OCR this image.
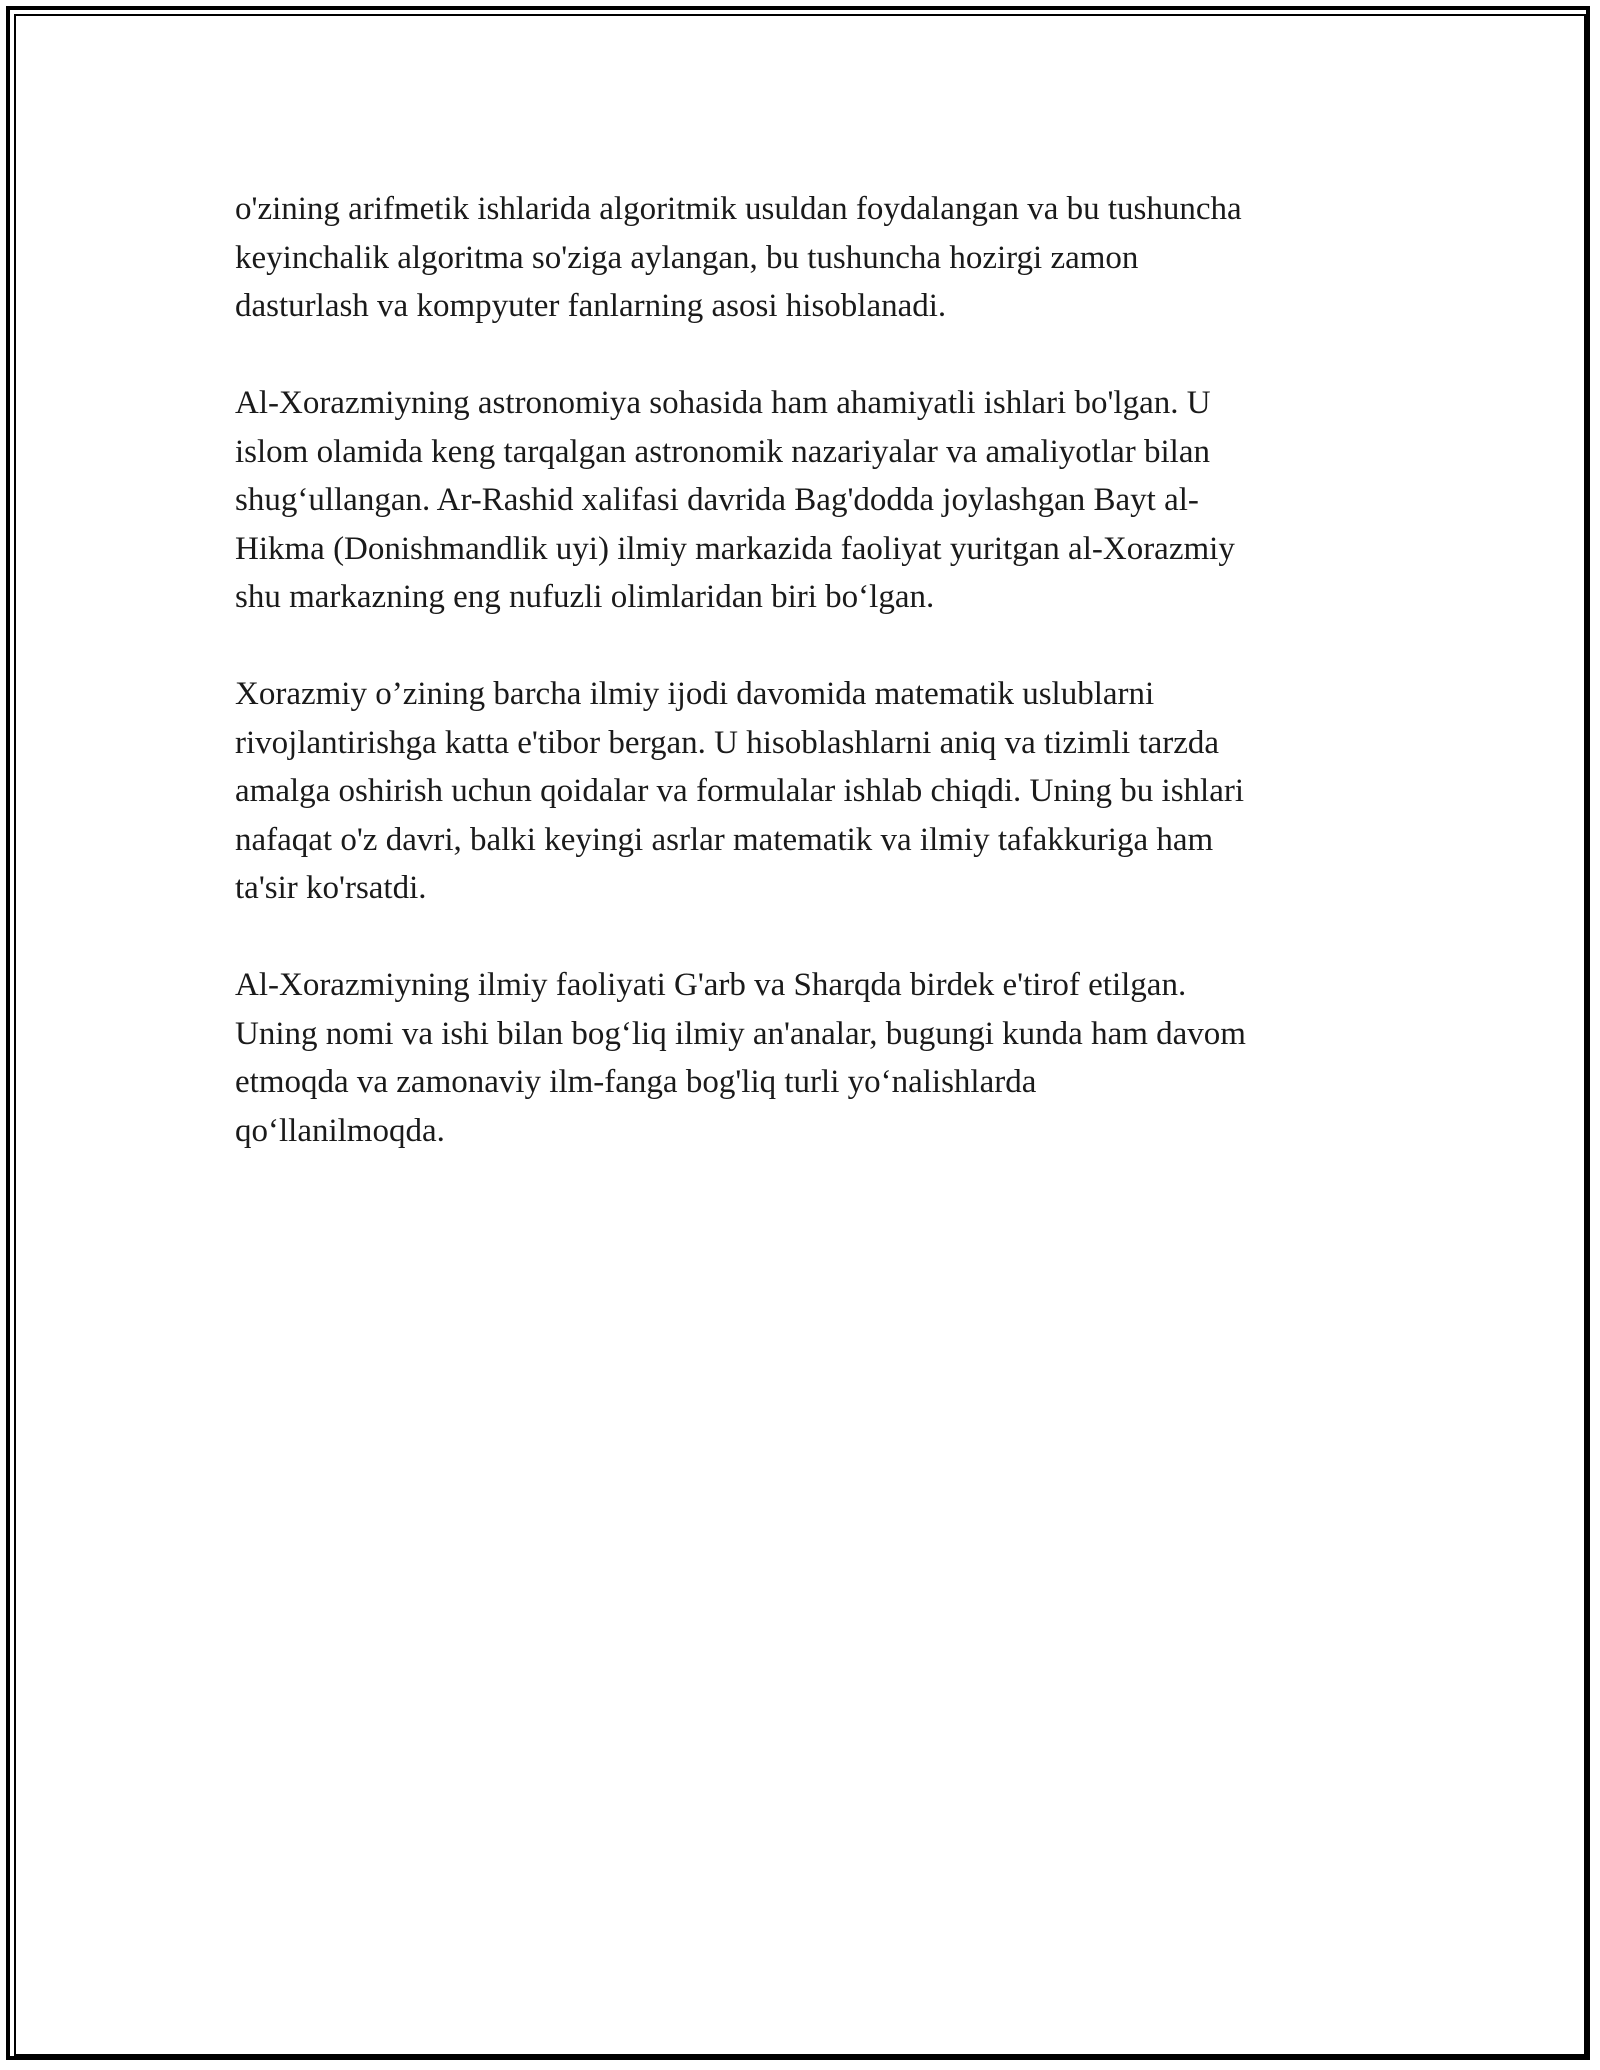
o'zining arifmetik ishlarida algoritmik usuldan foydalangan va bu tushuncha
keyinchalik algoritma so'ziga aylangan, bu tushuncha hozirgi zamon
dasturlash va kompyuter fanlarning asosi hisoblanadi.

Al-Xorazmiyning astronomiya sohasida ham ahamiyatli ishlari bo'lgan. U
islom olamida keng tarqalgan astronomik nazariyalar va amaliyotlar bilan
shug‘ullangan. Ar-Rashid xalifasi davrida Bag'dodda joylashgan Bayt al-
Hikma (Donishmandlik uyi) ilmiy markazida faoliyat yuritgan al-Xorazmiy
shu markazning eng nufuzli olimlaridan biri bo‘lgan.

Xorazmiy o’zining barcha ilmiy ijodi davomida matematik uslublarni
rivojlantirishga katta e'tibor bergan. U hisoblashlarni aniq va tizimli tarzda
amalga oshirish uchun qoidalar va formulalar ishlab chiqdi. Uning bu ishlari
nafaqat o'z davri, balki keyingi asrlar matematik va ilmiy tafakkuriga ham
ta'sir ko'rsatdi.

Al-Xorazmiyning ilmiy faoliyati G'arb va Sharqda birdek e'tirof etilgan.
Uning nomi va ishi bilan bog‘liq ilmiy an'analar, bugungi kunda ham davom
etmoqda va zamonaviy ilm-fanga bog'liq turli yo‘nalishlarda
qo‘llanilmoqda.
